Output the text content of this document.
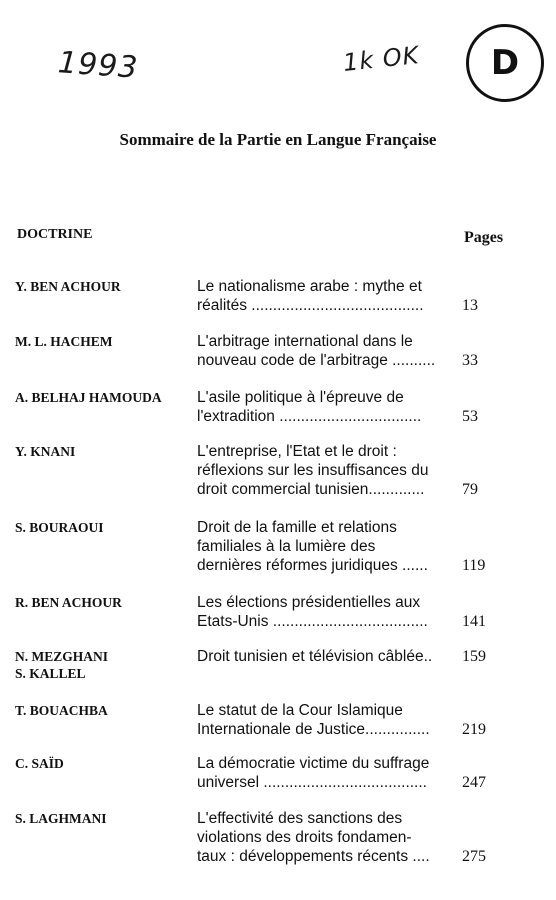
1993	1k OK D
Sommaire de la Partie en Langue Française
DOCTRINE	Pages
Y. BEN ACHOUR	Le nationalisme arabe : mythe et
réalités ........................................	13
M. L. HACHEM	L'arbitrage international dans le
nouveau code de l'arbitrage ..........	33
A. BELHAJ HAMOUDA L'asile politique à l'épreuve de
l'extradition .................................	53
Y. KNANI	L'entreprise, l'Etat et le droit :
réflexions sur les insuffisances du
droit commercial tunisien.............	79
S. BOURAOUI	Droit de la famille et relations
familiales à la lumière des
dernières réformes juridiques ......	119
R. BEN ACHOUR	Les élections présidentielles aux
Etats-Unis ....................................	141
N. MEZGHANI
S. KALLEL
Droit tunisien et télévision câblée..	159
T. BOUACHBA	Le statut de la Cour Islamique
Internationale de Justice...............	219
C. SAÏD	La démocratie victime du suffrage
universel ......................................	247
S. LAGHMANI	L'effectivité des sanctions des
violations des droits fondamen-
taux : développements récents ....	275
